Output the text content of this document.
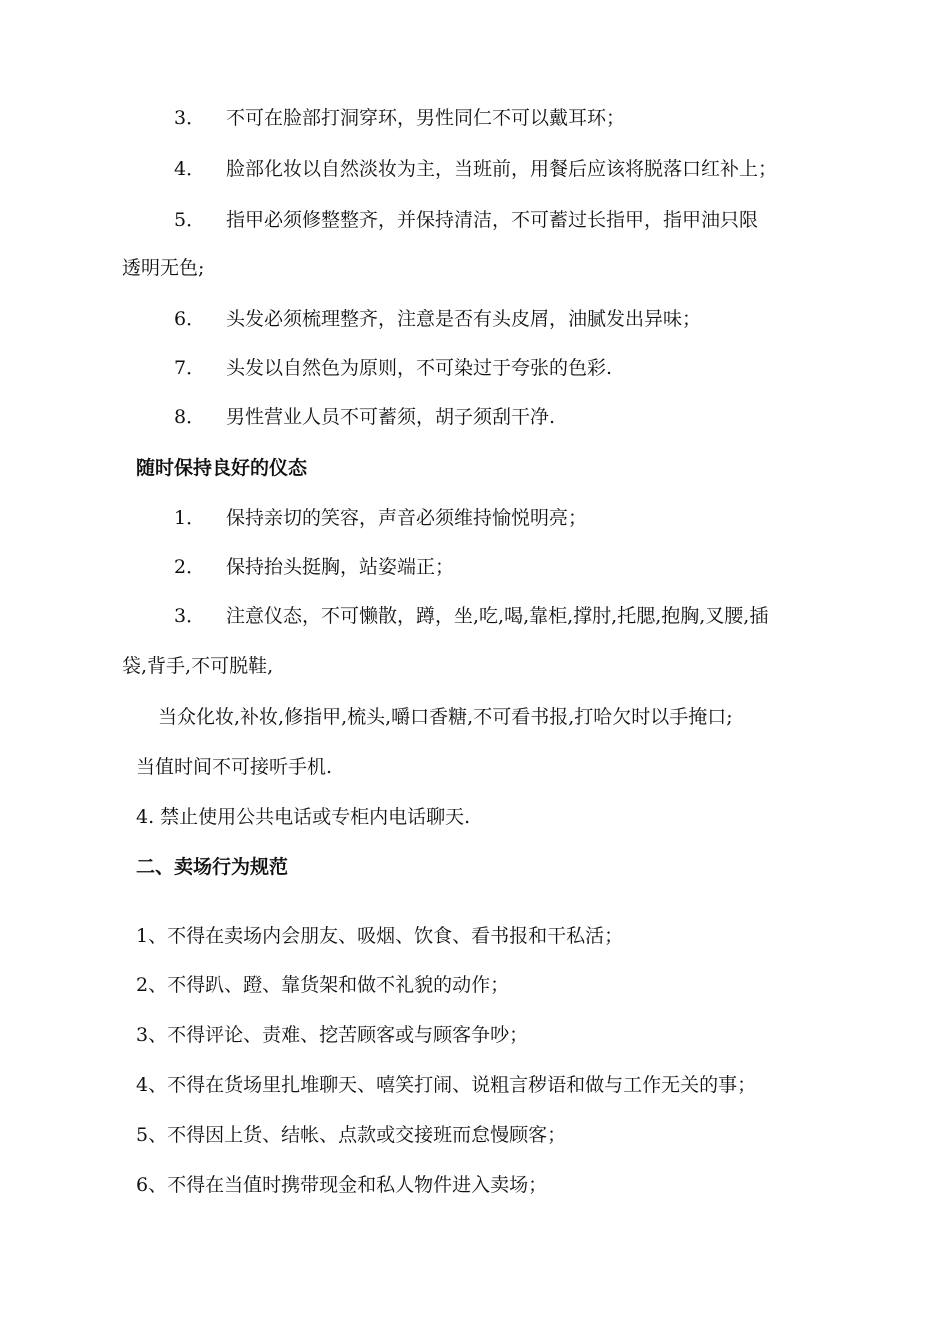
3． 不可在脸部打洞穿环，男性同仁不可以戴耳环；
4． 脸部化妆以自然淡妆为主，当班前，用餐后应该将脱落口红补上；
5． 指甲必须修整整齐，并保持清洁，不可蓄过长指甲，指甲油只限
透明无色;
6． 头发必须梳理整齐，注意是否有头皮屑，油腻发出异味；
7． 头发以自然色为原则，不可染过于夸张的色彩.
8． 男性营业人员不可蓄须，胡子须刮干净.
随时保持良好的仪态
1． 保持亲切的笑容，声音必须维持愉悦明亮；
2． 保持抬头挺胸，站姿端正；
3． 注意仪态，不可懒散，蹲，坐,吃,喝,靠柜,撑肘,托腮,抱胸,叉腰,插
袋,背手,不可脱鞋,
当众化妆,补妆,修指甲,梳头,嚼口香糖,不可看书报,打哈欠时以手掩口;
当值时间不可接听手机.
4. 禁止使用公共电话或专柜内电话聊天.
二、卖场行为规范
1、不得在卖场内会朋友、吸烟、饮食、看书报和干私活；
2、不得趴、蹬、靠货架和做不礼貌的动作；
3、不得评论、责难、挖苦顾客或与顾客争吵；
4、不得在货场里扎堆聊天、嘻笑打闹、说粗言秽语和做与工作无关的事；
5、不得因上货、结帐、点款或交接班而怠慢顾客；
6、不得在当值时携带现金和私人物件进入卖场；
